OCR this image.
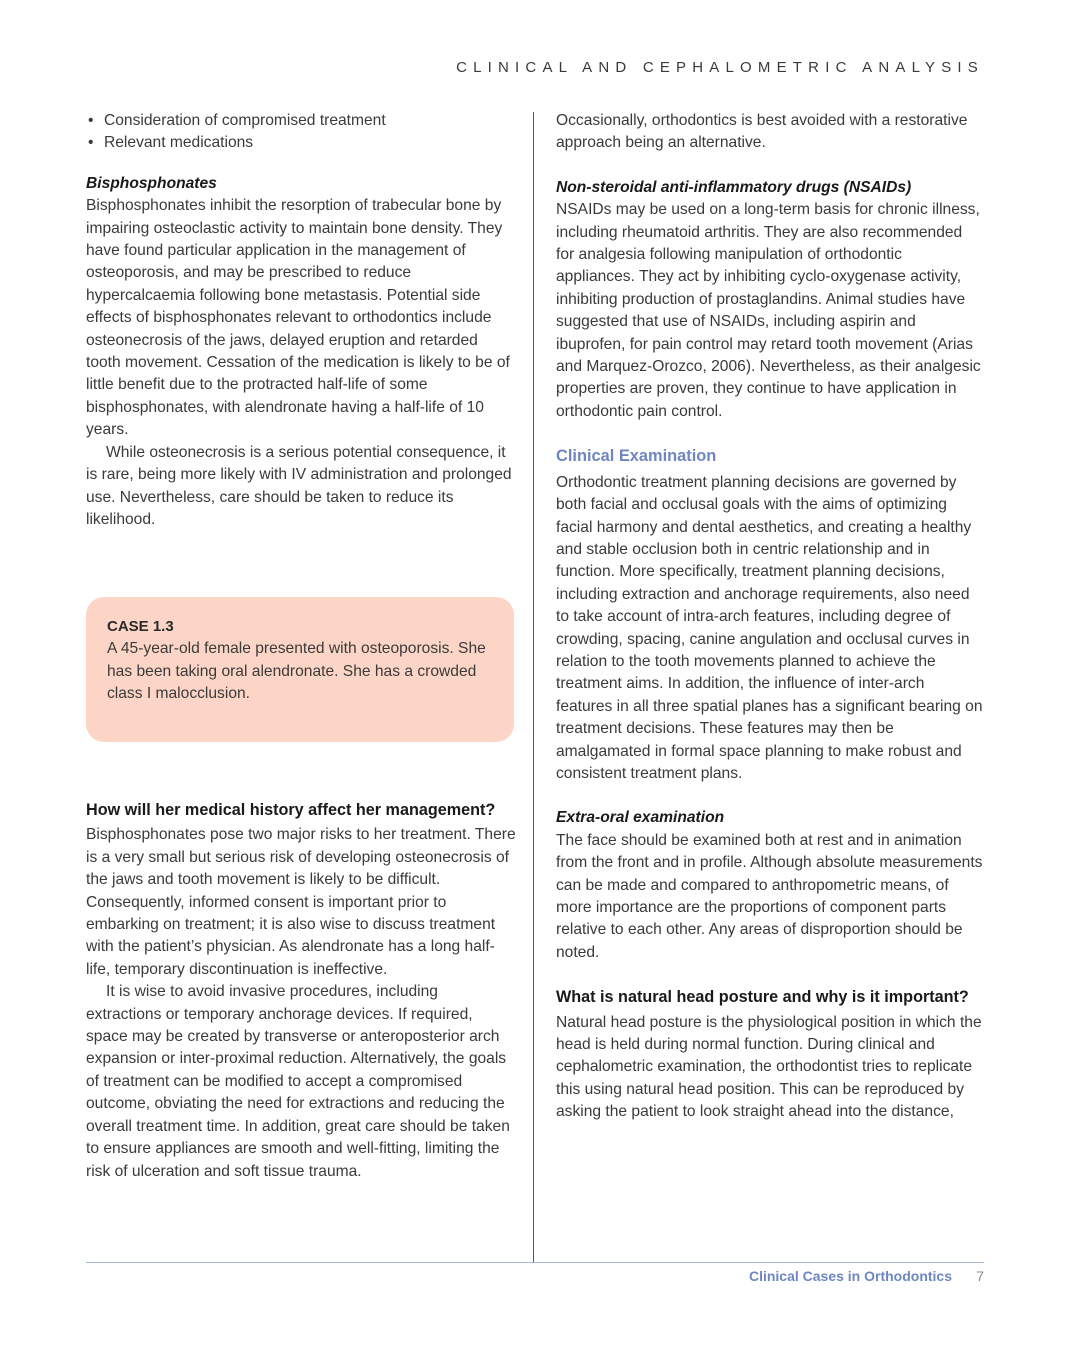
CLINICAL AND CEPHALOMETRIC ANALYSIS
• Consideration of compromised treatment
• Relevant medications
Bisphosphonates

Bisphosphonates inhibit the resorption of trabecular bone by impairing osteoclastic activity to maintain bone density. They have found particular application in the management of osteoporosis, and may be prescribed to reduce hypercalcaemia following bone metastasis. Potential side effects of bisphosphonates relevant to orthodontics include osteonecrosis of the jaws, delayed eruption and retarded tooth movement. Cessation of the medication is likely to be of little benefit due to the protracted half-life of some bisphosphonates, with alendronate having a half-life of 10 years.

While osteonecrosis is a serious potential consequence, it is rare, being more likely with IV administration and prolonged use. Nevertheless, care should be taken to reduce its likelihood.

CASE 1.3

A 45-year-old female presented with osteoporosis. She has been taking oral alendronate. She has a crowded class I malocclusion.

How will her medical history affect her management?

Bisphosphonates pose two major risks to her treatment. There is a very small but serious risk of developing osteonecrosis of the jaws and tooth movement is likely to be difficult. Consequently, informed consent is important prior to embarking on treatment; it is also wise to discuss treatment with the patient’s physician. As alendronate has a long half-life, temporary discontinuation is ineffective.

It is wise to avoid invasive procedures, including extractions or temporary anchorage devices. If required, space may be created by transverse or anteroposterior arch expansion or inter-proximal reduction. Alternatively, the goals of treatment can be modified to accept a compromised outcome, obviating the need for extractions and reducing the overall treatment time. In addition, great care should be taken to ensure appliances are smooth and well-fitting, limiting the risk of ulceration and soft tissue trauma.

Occasionally, orthodontics is best avoided with a restorative approach being an alternative.

Non-steroidal anti-inflammatory drugs (NSAIDs)

NSAIDs may be used on a long-term basis for chronic illness, including rheumatoid arthritis. They are also recommended for analgesia following manipulation of orthodontic appliances. They act by inhibiting cyclo-oxygenase activity, inhibiting production of prostaglandins. Animal studies have suggested that use of NSAIDs, including aspirin and ibuprofen, for pain control may retard tooth movement (Arias and Marquez-Orozco, 2006). Nevertheless, as their analgesic properties are proven, they continue to have application in orthodontic pain control.

Clinical Examination

Orthodontic treatment planning decisions are governed by both facial and occlusal goals with the aims of optimizing facial harmony and dental aesthetics, and creating a healthy and stable occlusion both in centric relationship and in function. More specifically, treatment planning decisions, including extraction and anchorage requirements, also need to take account of intra-arch features, including degree of crowding, spacing, canine angulation and occlusal curves in relation to the tooth movements planned to achieve the treatment aims. In addition, the influence of inter-arch features in all three spatial planes has a significant bearing on treatment decisions. These features may then be amalgamated in formal space planning to make robust and consistent treatment plans.

Extra-oral examination

The face should be examined both at rest and in animation from the front and in profile. Although absolute measurements can be made and compared to anthropometric means, of more importance are the proportions of component parts relative to each other. Any areas of disproportion should be noted.

What is natural head posture and why is it important?

Natural head posture is the physiological position in which the head is held during normal function. During clinical and cephalometric examination, the orthodontist tries to replicate this using natural head position. This can be reproduced by asking the patient to look straight ahead into the distance,

Clinical Cases in Orthodontics 7
